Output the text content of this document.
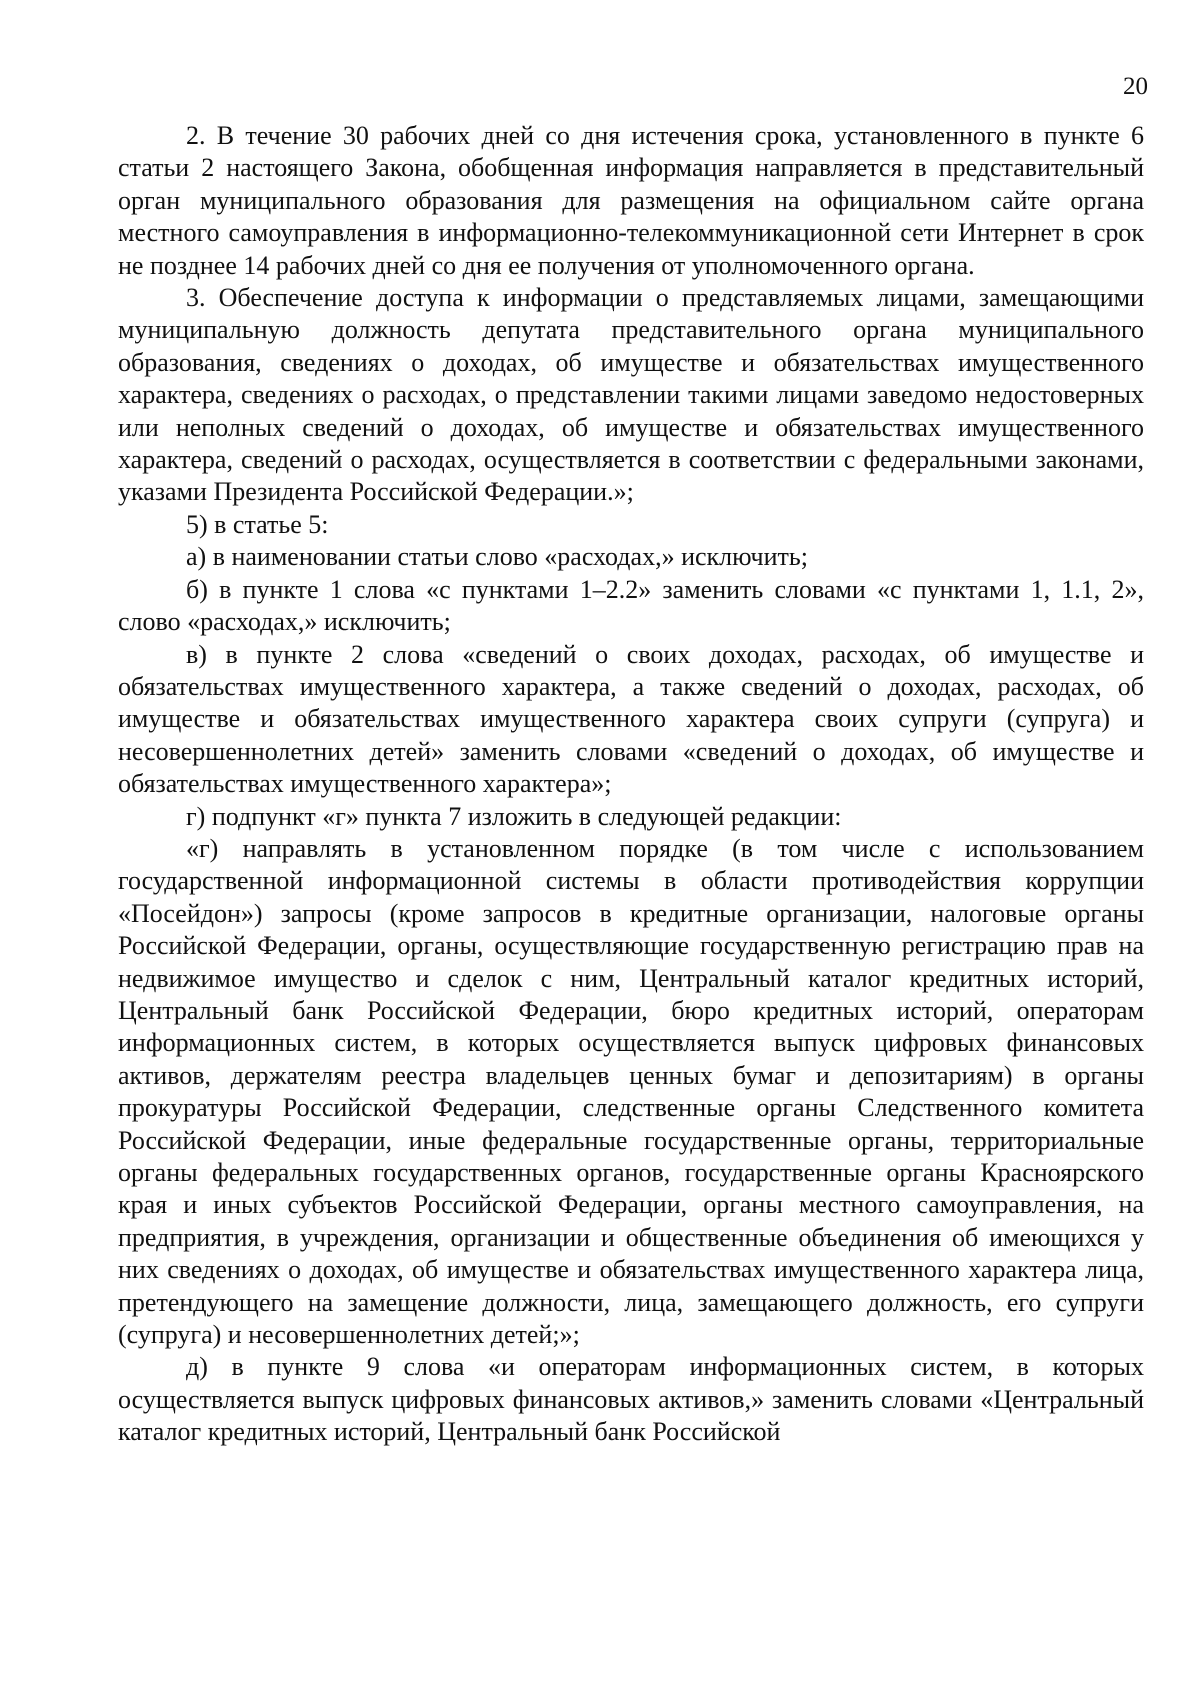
20

2. В течение 30 рабочих дней со дня истечения срока, установленного в пункте 6 статьи 2 настоящего Закона, обобщенная информация направляется в представительный орган муниципального образования для размещения на официальном сайте органа местного самоуправления в информационно-телекоммуникационной сети Интернет в срок не позднее 14 рабочих дней со дня ее получения от уполномоченного органа.

3. Обеспечение доступа к информации о представляемых лицами, замещающими муниципальную должность депутата представительного органа муниципального образования, сведениях о доходах, об имуществе и обязательствах имущественного характера, сведениях о расходах, о представлении такими лицами заведомо недостоверных или неполных сведений о доходах, об имуществе и обязательствах имущественного характера, сведений о расходах, осуществляется в соответствии с федеральными законами, указами Президента Российской Федерации.»;

5) в статье 5:

а) в наименовании статьи слово «расходах,» исключить;

б) в пункте 1 слова «с пунктами 1–2.2» заменить словами «с пунктами 1, 1.1, 2», слово «расходах,» исключить;

в) в пункте 2 слова «сведений о своих доходах, расходах, об имуществе и обязательствах имущественного характера, а также сведений о доходах, расходах, об имуществе и обязательствах имущественного характера своих супруги (супруга) и несовершеннолетних детей» заменить словами «сведений о доходах, об имуществе и обязательствах имущественного характера»;

г) подпункт «г» пункта 7 изложить в следующей редакции:

«г) направлять в установленном порядке (в том числе с использованием государственной информационной системы в области противодействия коррупции «Посейдон») запросы (кроме запросов в кредитные организации, налоговые органы Российской Федерации, органы, осуществляющие государственную регистрацию прав на недвижимое имущество и сделок с ним, Центральный каталог кредитных историй, Центральный банк Российской Федерации, бюро кредитных историй, операторам информационных систем, в которых осуществляется выпуск цифровых финансовых активов, держателям реестра владельцев ценных бумаг и депозитариям) в органы прокуратуры Российской Федерации, следственные органы Следственного комитета Российской Федерации, иные федеральные государственные органы, территориальные органы федеральных государственных органов, государственные органы Красноярского края и иных субъектов Российской Федерации, органы местного самоуправления, на предприятия, в учреждения, организации и общественные объединения об имеющихся у них сведениях о доходах, об имуществе и обязательствах имущественного характера лица, претендующего на замещение должности, лица, замещающего должность, его супруги (супруга) и несовершеннолетних детей;»;

д) в пункте 9 слова «и операторам информационных систем, в которых осуществляется выпуск цифровых финансовых активов,» заменить словами «Центральный каталог кредитных историй, Центральный банк Российской
